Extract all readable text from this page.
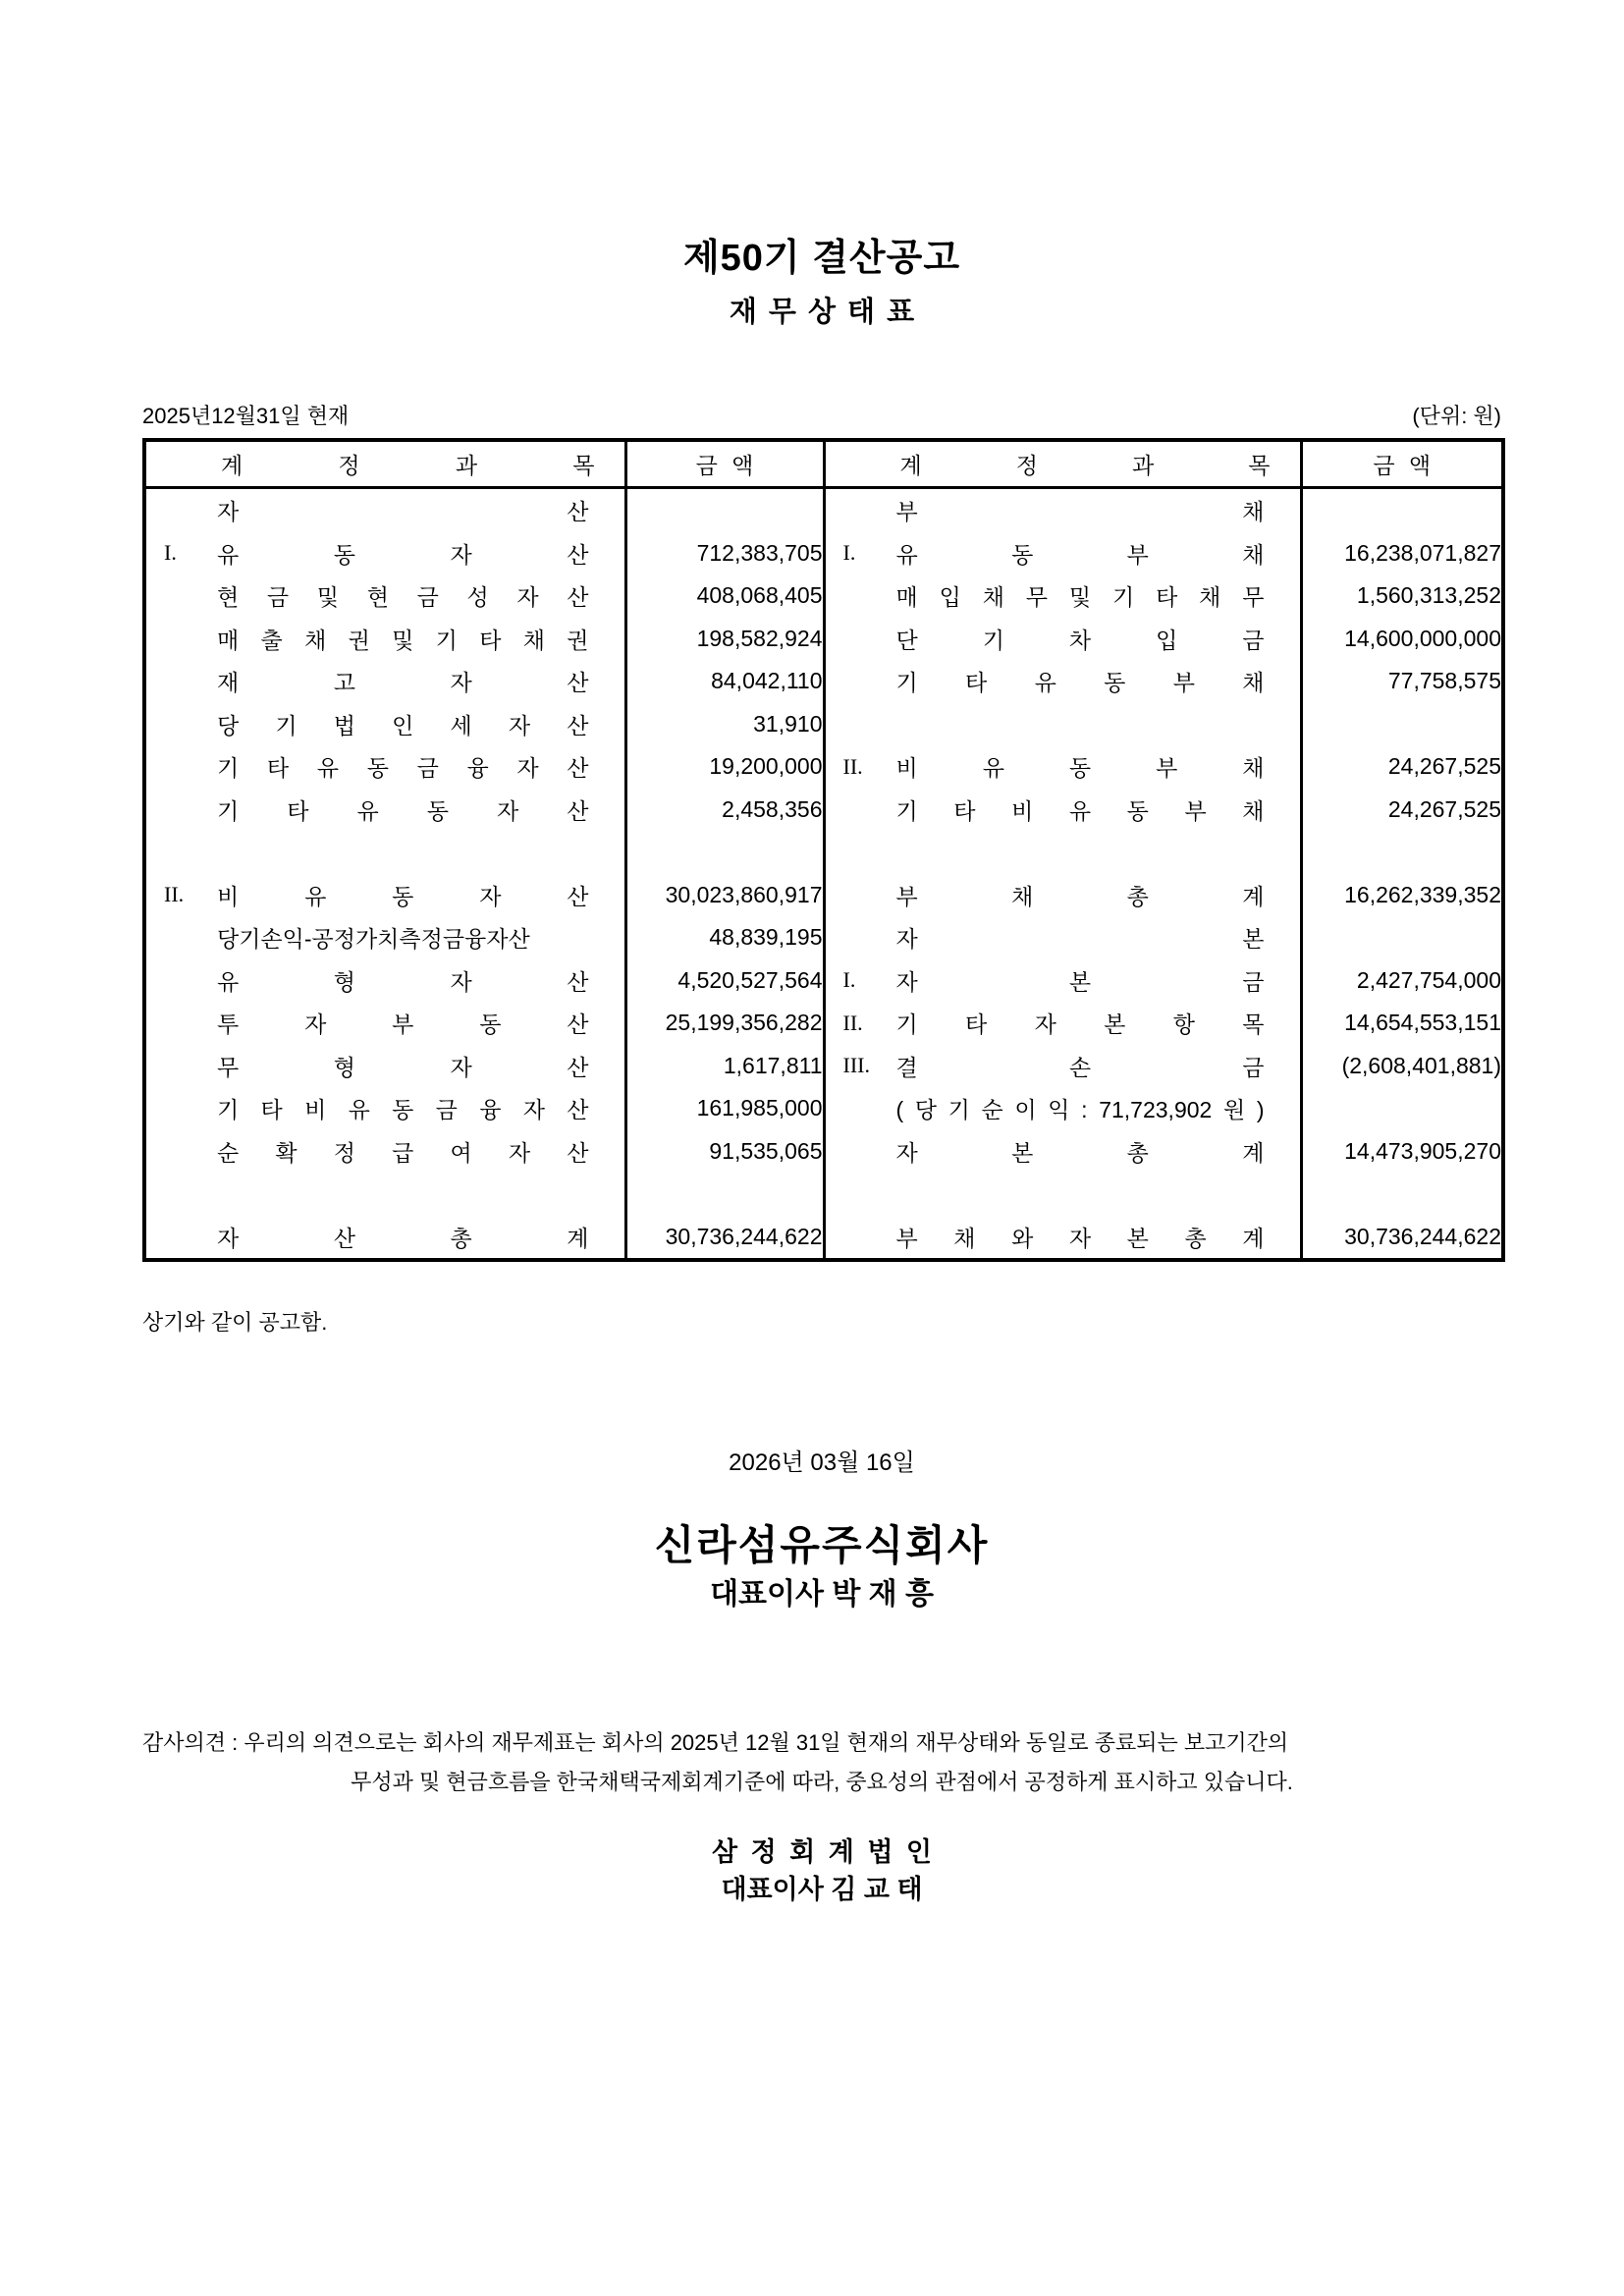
제50기 결산공고
재 무 상 태 표
2025년12월31일 현재	(단위: 원)
계 정 과 목	금 액	계 정 과 목	금 액

자 산		부 채	

I. 유 동 자 산	712,383,705	I. 유 동 부 채	16,238,071,827

현 금 및 현 금 성 자 산	408,068,405	매 입 채 무 및 기 타 채 무	1,560,313,252

매 출 채 권 및 기 타 채 권	198,582,924	단 기 차 입 금	14,600,000,000

재 고 자 산	84,042,110	기 타 유 동 부 채	77,758,575

당 기 법 인 세 자 산	31,910	

기 타 유 동 금 융 자 산	19,200,000	II. 비 유 동 부 채	24,267,525

기 타 유 동 자 산	2,458,356	기 타 비 유 동 부 채	24,267,525

II. 비 유 동 자 산	30,023,860,917	부 채 총 계	16,262,339,352

당기손익-공정가치측정금융자산	48,839,195	자 본	

유 형 자 산	4,520,527,564	I. 자 본 금	2,427,754,000

투 자 부 동 산	25,199,356,282	II. 기 타 자 본 항 목	14,654,553,151

무 형 자 산	1,617,811	III. 결 손 금	(2,608,401,881)

기 타 비 유 동 금 융 자 산	161,985,000	( 당 기 순 이 익 : 71,723,902 원 )	

순 확 정 급 여 자 산	91,535,065	자 본 총 계	14,473,905,270

자 산 총 계	30,736,244,622	부 채 와 자 본 총 계	30,736,244,622
상기와 같이 공고함.
2026년 03월 16일
신라섬유주식회사
대표이사 박 재 흥
감사의견 : 우리의 의견으로는 회사의 재무제표는 회사의 2025년 12월 31일 현재의 재무상태와 동일로 종료되는 보고기간의
무성과 및 현금흐름을 한국채택국제회계기준에 따라, 중요성의 관점에서 공정하게 표시하고 있습니다.
삼 정 회 계 법 인
대표이사 김 교 태
